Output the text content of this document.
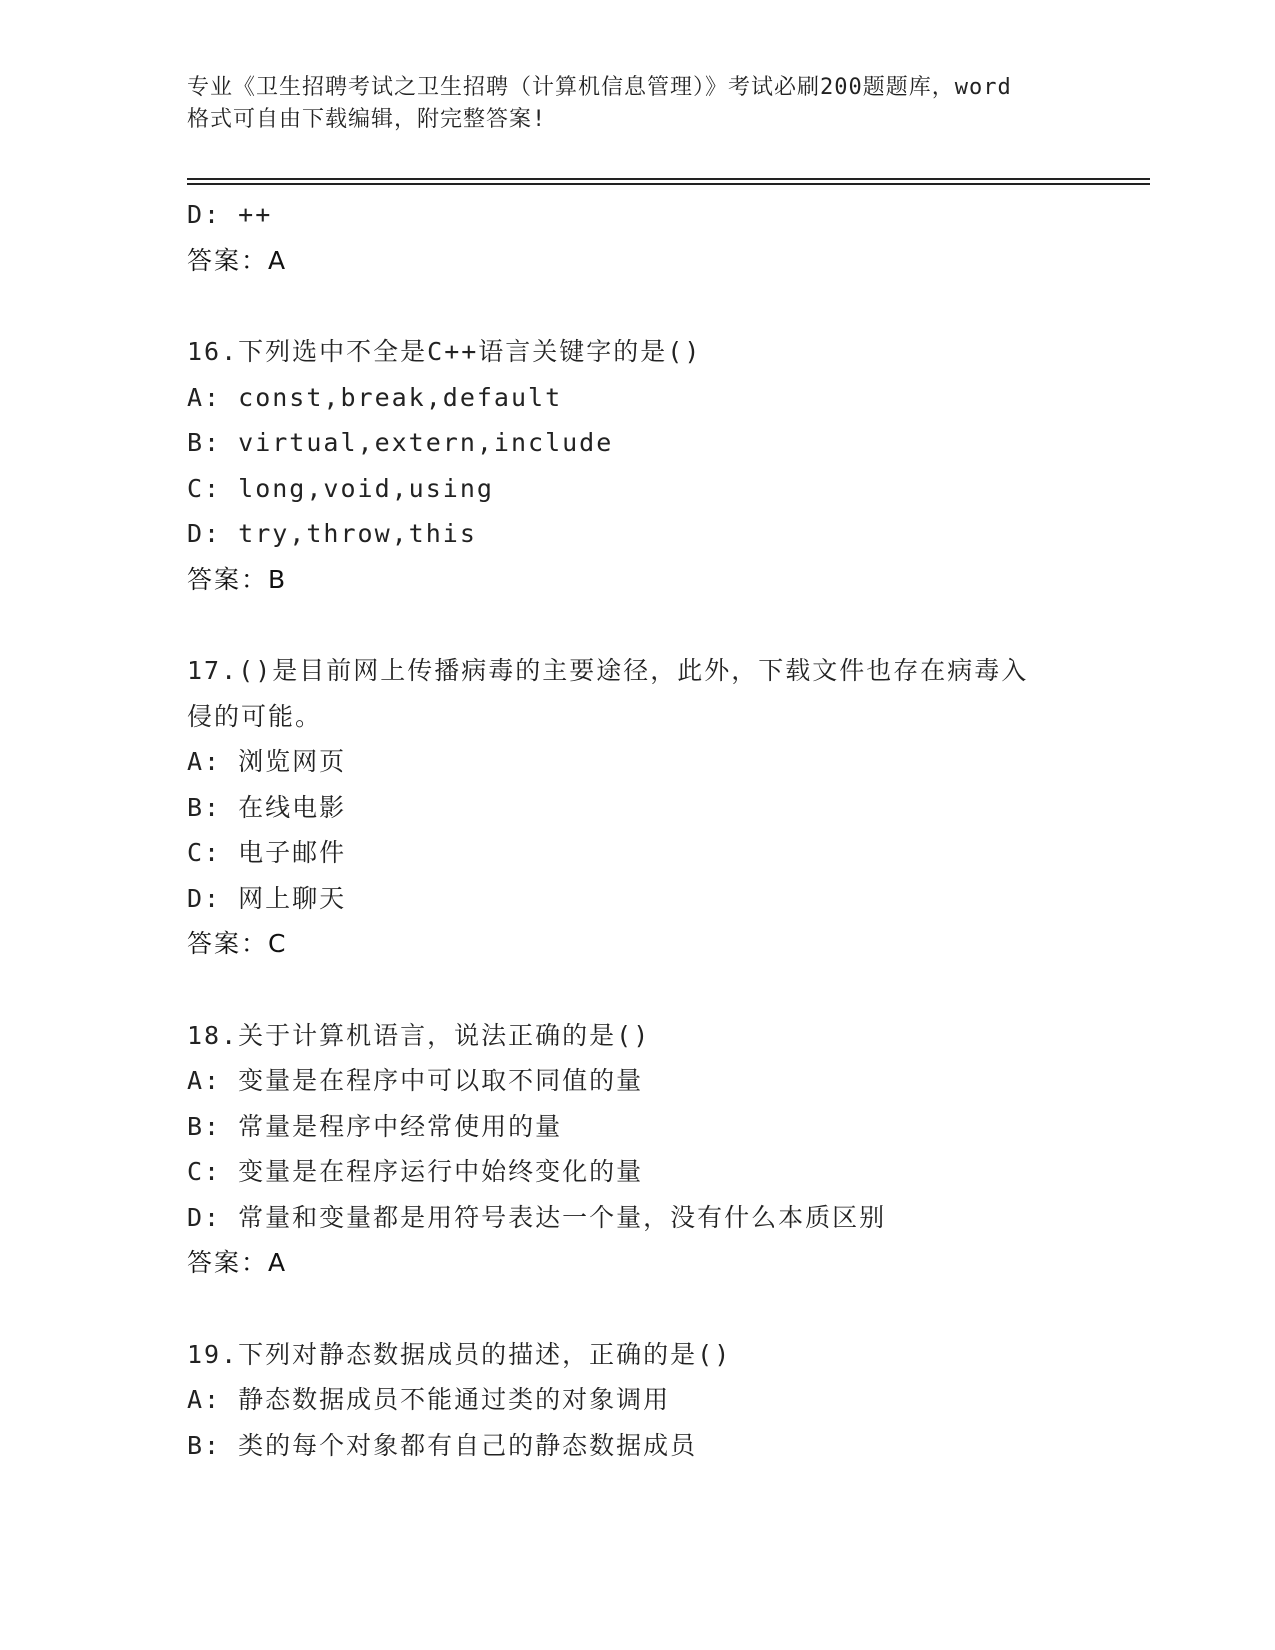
专业《卫生招聘考试之卫生招聘（计算机信息管理）》考试必刷200题题库，word
格式可自由下载编辑，附完整答案!
D: ++
答案：A
16.下列选中不全是C++语言关键字的是()
A: const,break,default
B: virtual,extern,include
C: long,void,using
D: try,throw,this
答案：B
17.()是目前网上传播病毒的主要途径，此外，下载文件也存在病毒入
侵的可能。
A: 浏览网页
B: 在线电影
C: 电子邮件
D: 网上聊天
答案：C
18.关于计算机语言，说法正确的是()
A: 变量是在程序中可以取不同值的量
B: 常量是程序中经常使用的量
C: 变量是在程序运行中始终变化的量
D: 常量和变量都是用符号表达一个量，没有什么本质区别
答案：A
19.下列对静态数据成员的描述，正确的是()
A: 静态数据成员不能通过类的对象调用
B: 类的每个对象都有自己的静态数据成员
